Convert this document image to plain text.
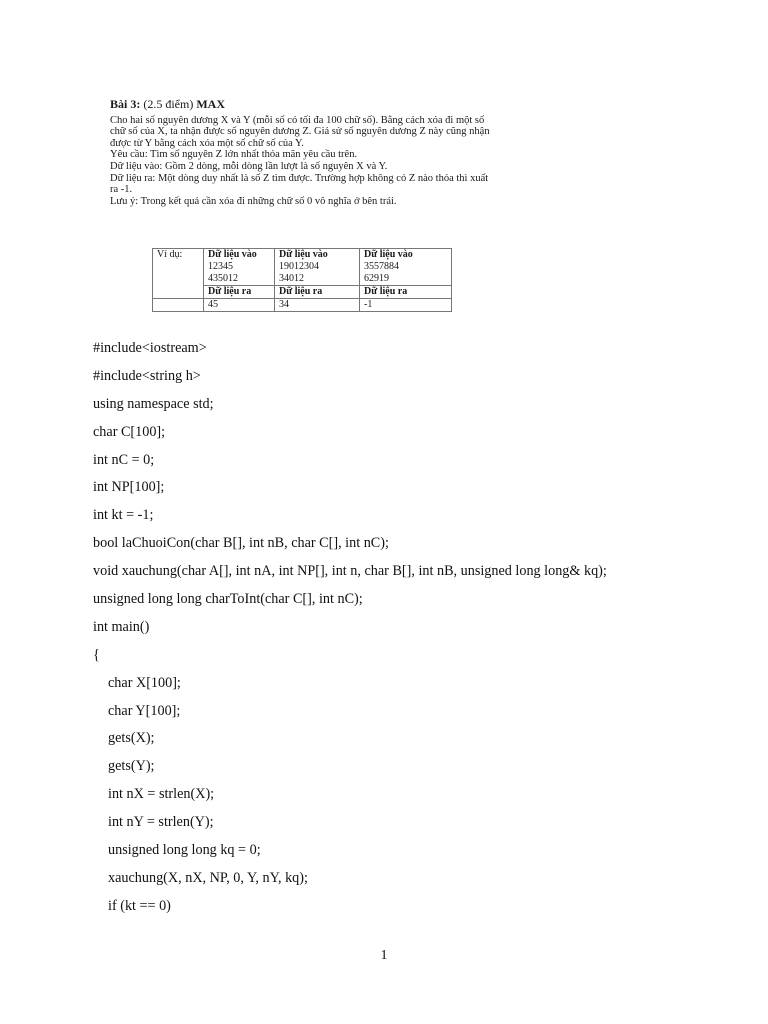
Bài 3: (2.5 điểm) MAX
Cho hai số nguyên dương X và Y (mỗi số có tối đa 100 chữ số). Bằng cách xóa đi một số
chữ số của X, ta nhận được số nguyên dương Z. Giả sử số nguyên dương Z này cũng nhận
được từ Y bằng cách xóa một số chữ số của Y.
Yêu cầu: Tìm số nguyên Z lớn nhất thỏa mãn yêu cầu trên.
Dữ liệu vào: Gồm 2 dòng, mỗi dòng lần lượt là số nguyên X và Y.
Dữ liệu ra: Một dòng duy nhất là số Z tìm được. Trường hợp không có Z nào thỏa thì xuất
ra -1.
Lưu ý: Trong kết quả cần xóa đi những chữ số 0 vô nghĩa ở bên trái.
Ví dụ:	Dữ liệu vào	Dữ liệu vào	Dữ liệu vào
	12345	19012304	3557884
	435012	34012	62919
	Dữ liệu ra	Dữ liệu ra	Dữ liệu ra
	45	34	-1
#include<iostream>
#include<string h>
using namespace std;
char C[100];
int nC = 0;
int NP[100];
int kt = -1;
bool laChuoiCon(char B[], int nB, char C[], int nC);
void xauchung(char A[], int nA, int NP[], int n, char B[], int nB, unsigned long long& kq);
unsigned long long charToInt(char C[], int nC);
int main()
{
char X[100];
char Y[100];
gets(X);
gets(Y);
int nX = strlen(X);
int nY = strlen(Y);
unsigned long long kq = 0;
xauchung(X, nX, NP, 0, Y, nY, kq);
if (kt == 0)
1
